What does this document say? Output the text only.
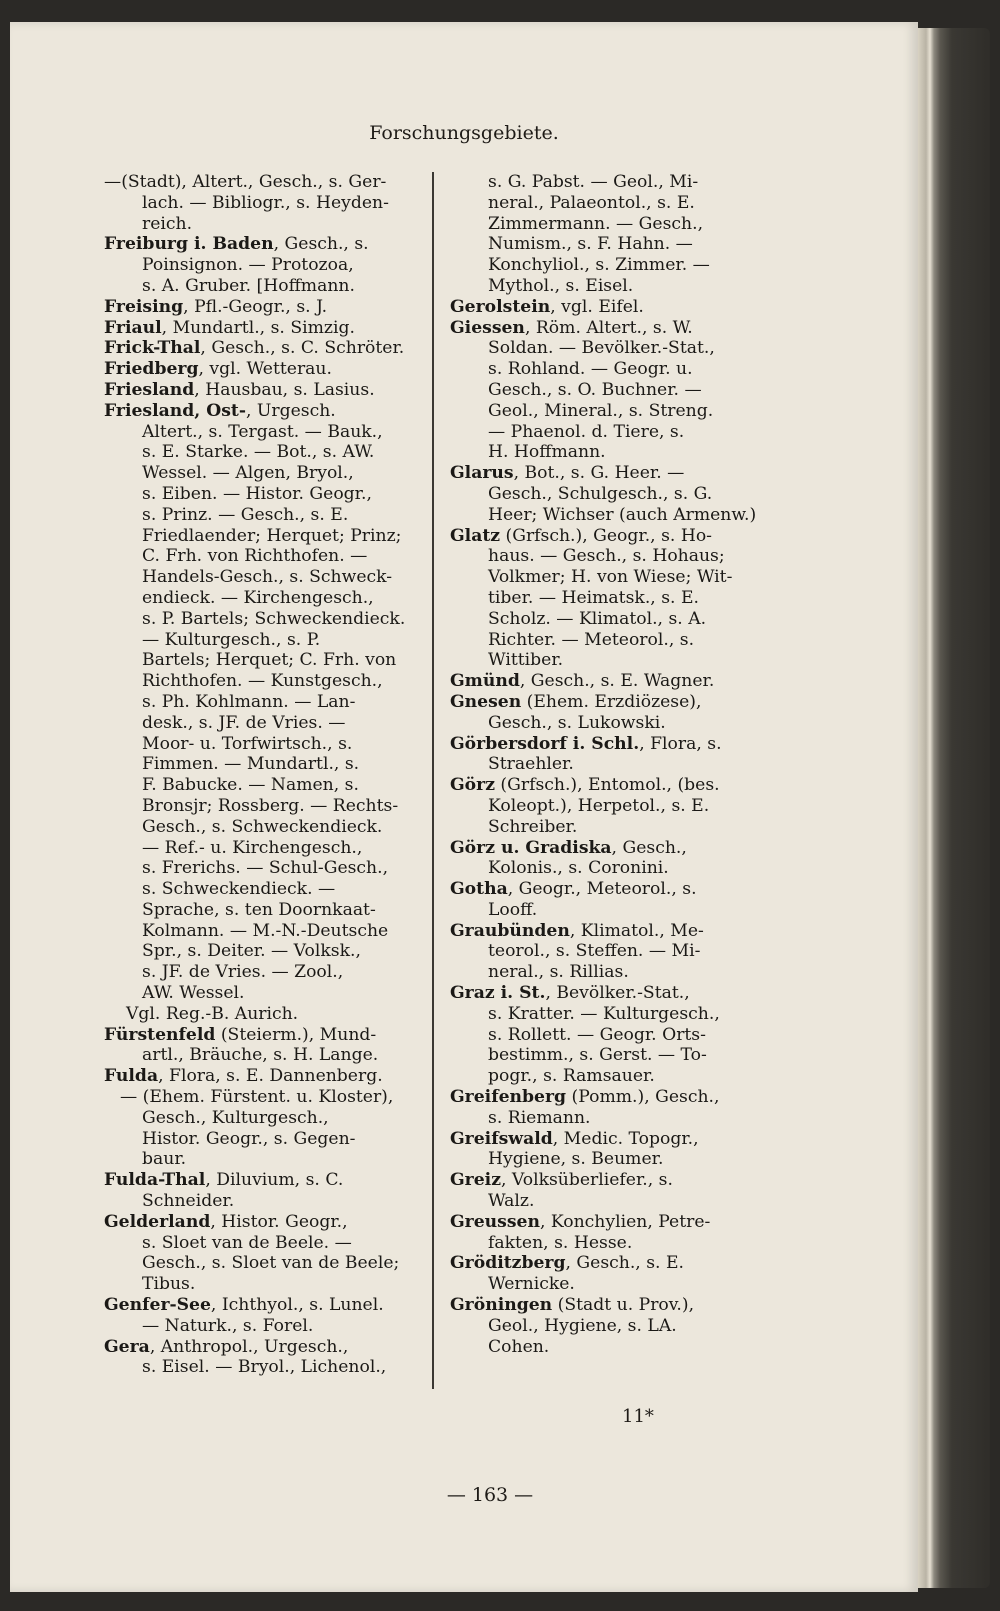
Forschungsgebiete.
—(Stadt), Altert., Gesch., s. Ger-
lach. — Bibliogr., s. Heyden-
reich.
Freiburg i. Baden, Gesch., s.
Poinsignon. — Protozoa,
s. A. Gruber. [Hoffmann.
Freising, Pfl.-Geogr., s. J.
Friaul, Mundartl., s. Simzig.
Frick-Thal, Gesch., s. C. Schröter.
Friedberg, vgl. Wetterau.
Friesland, Hausbau, s. Lasius.
Friesland, Ost-, Urgesch.
Altert., s. Tergast. — Bauk.,
s. E. Starke. — Bot., s. AW.
Wessel. — Algen, Bryol.,
s. Eiben. — Histor. Geogr.,
s. Prinz. — Gesch., s. E.
Friedlaender; Herquet; Prinz;
C. Frh. von Richthofen. —
Handels-Gesch., s. Schweck-
endieck. — Kirchengesch.,
s. P. Bartels; Schweckendieck.
— Kulturgesch., s. P.
Bartels; Herquet; C. Frh. von
Richthofen. — Kunstgesch.,
s. Ph. Kohlmann. — Lan-
desk., s. JF. de Vries. —
Moor- u. Torfwirtsch., s.
Fimmen. — Mundartl., s.
F. Babucke. — Namen, s.
Bronsjr; Rossberg. — Rechts-
Gesch., s. Schweckendieck.
— Ref.- u. Kirchengesch.,
s. Frerichs. — Schul-Gesch.,
s. Schweckendieck. —
Sprache, s. ten Doornkaat-
Kolmann. — M.-N.-Deutsche
Spr., s. Deiter. — Volksk.,
s. JF. de Vries. — Zool.,
AW. Wessel.
Vgl. Reg.-B. Aurich.
Fürstenfeld (Steierm.), Mund-
artl., Bräuche, s. H. Lange.
Fulda, Flora, s. E. Dannenberg.
— (Ehem. Fürstent. u. Kloster),
Gesch., Kulturgesch.,
Histor. Geogr., s. Gegen-
baur.
Fulda-Thal, Diluvium, s. C.
Schneider.
Gelderland, Histor. Geogr.,
s. Sloet van de Beele. —
Gesch., s. Sloet van de Beele;
Tibus.
Genfer-See, Ichthyol., s. Lunel.
— Naturk., s. Forel.
Gera, Anthropol., Urgesch.,
s. Eisel. — Bryol., Lichenol.,
s. G. Pabst. — Geol., Mi-
neral., Palaeontol., s. E.
Zimmermann. — Gesch.,
Numism., s. F. Hahn. —
Konchyliol., s. Zimmer. —
Mythol., s. Eisel.
Gerolstein, vgl. Eifel.
Giessen, Röm. Altert., s. W.
Soldan. — Bevölker.-Stat.,
s. Rohland. — Geogr. u.
Gesch., s. O. Buchner. —
Geol., Mineral., s. Streng.
— Phaenol. d. Tiere, s.
H. Hoffmann.
Glarus, Bot., s. G. Heer. —
Gesch., Schulgesch., s. G.
Heer; Wichser (auch Armenw.)
Glatz (Grfsch.), Geogr., s. Ho-
haus. — Gesch., s. Hohaus;
Volkmer; H. von Wiese; Wit-
tiber. — Heimatsk., s. E.
Scholz. — Klimatol., s. A.
Richter. — Meteorol., s.
Wittiber.
Gmünd, Gesch., s. E. Wagner.
Gnesen (Ehem. Erzdiözese),
Gesch., s. Lukowski.
Görbersdorf i. Schl., Flora, s.
Straehler.
Görz (Grfsch.), Entomol., (bes.
Koleopt.), Herpetol., s. E.
Schreiber.
Görz u. Gradiska, Gesch.,
Kolonis., s. Coronini.
Gotha, Geogr., Meteorol., s.
Looff.
Graubünden, Klimatol., Me-
teorol., s. Steffen. — Mi-
neral., s. Rillias.
Graz i. St., Bevölker.-Stat.,
s. Kratter. — Kulturgesch.,
s. Rollett. — Geogr. Orts-
bestimm., s. Gerst. — To-
pogr., s. Ramsauer.
Greifenberg (Pomm.), Gesch.,
s. Riemann.
Greifswald, Medic. Topogr.,
Hygiene, s. Beumer.
Greiz, Volksüberliefer., s.
Walz.
Greussen, Konchylien, Petre-
fakten, s. Hesse.
Gröditzberg, Gesch., s. E.
Wernicke.
Gröningen (Stadt u. Prov.),
Geol., Hygiene, s. LA.
Cohen.
11*
— 163 —
